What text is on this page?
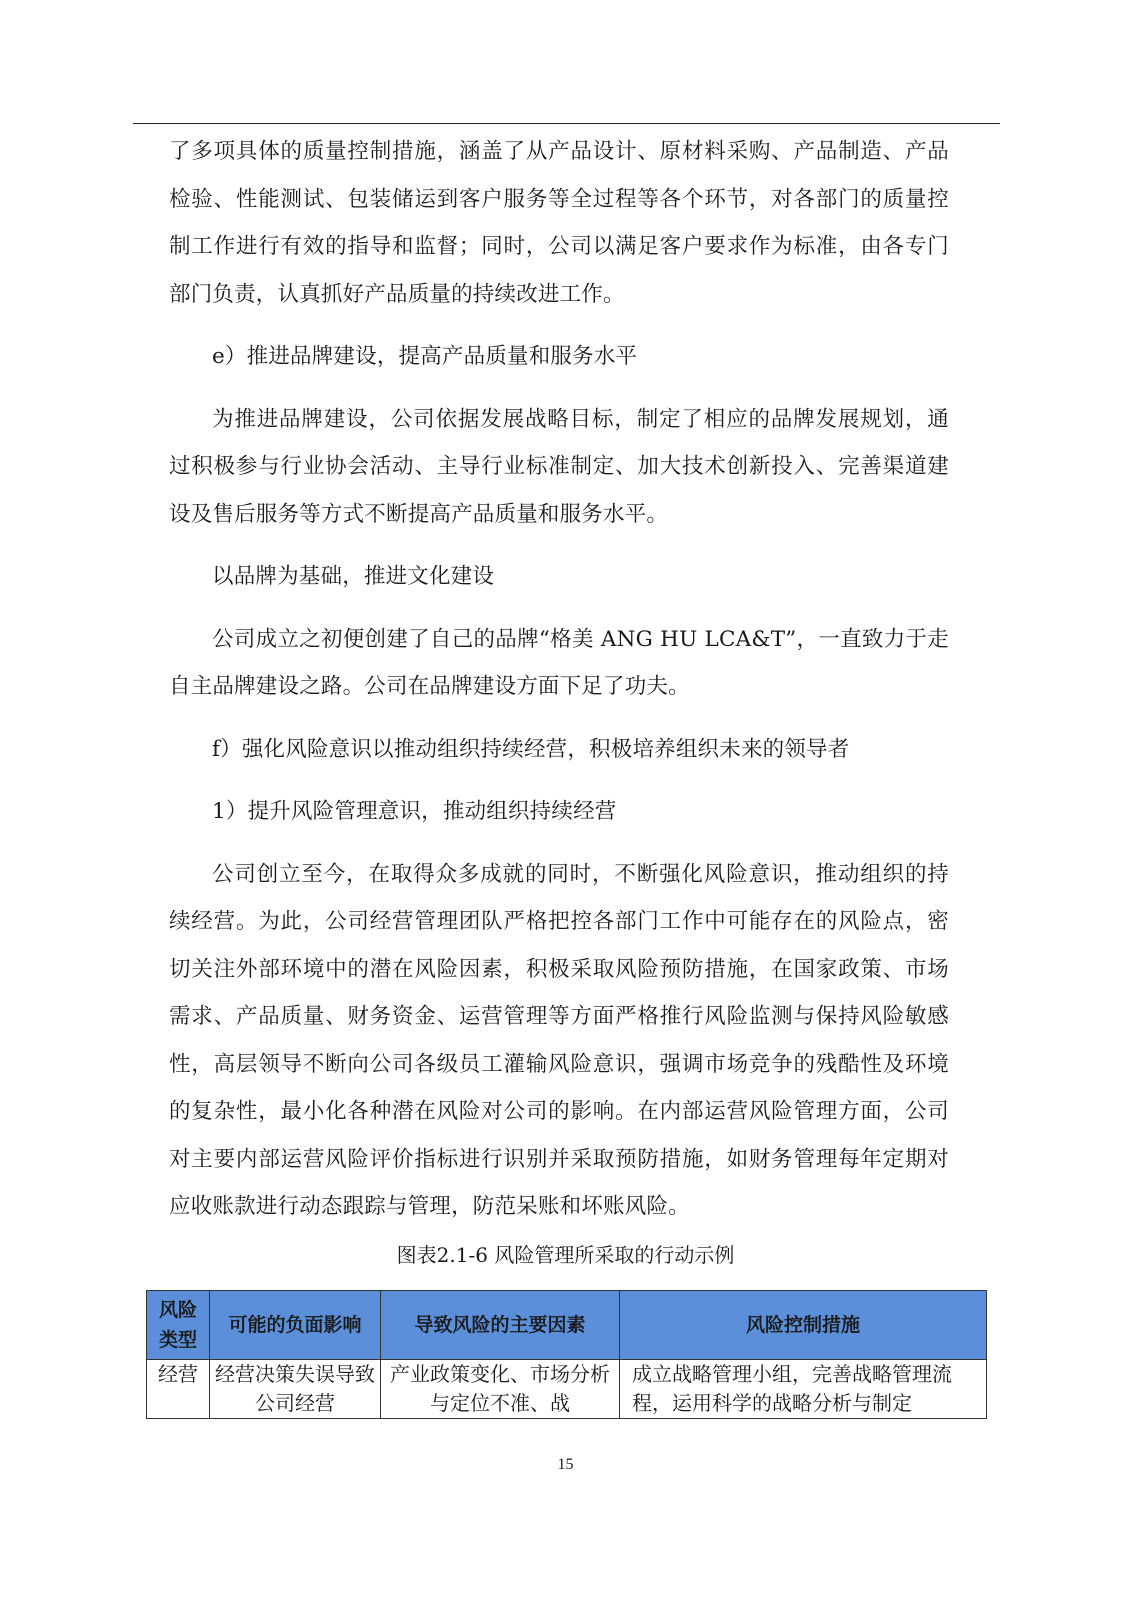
了多项具体的质量控制措施，涵盖了从产品设计、原材料采购、产品制造、产品检验、性能测试、包装储运到客户服务等全过程等各个环节，对各部门的质量控制工作进行有效的指导和监督；同时，公司以满足客户要求作为标准，由各专门部门负责，认真抓好产品质量的持续改进工作。

e）推进品牌建设，提高产品质量和服务水平

为推进品牌建设，公司依据发展战略目标，制定了相应的品牌发展规划，通过积极参与行业协会活动、主导行业标准制定、加大技术创新投入、完善渠道建设及售后服务等方式不断提高产品质量和服务水平。

以品牌为基础，推进文化建设

公司成立之初便创建了自己的品牌“格美 ANG HU LCA&T”，一直致力于走自主品牌建设之路。公司在品牌建设方面下足了功夫。

f）强化风险意识以推动组织持续经营，积极培养组织未来的领导者

1）提升风险管理意识，推动组织持续经营

公司创立至今，在取得众多成就的同时，不断强化风险意识，推动组织的持续经营。为此，公司经营管理团队严格把控各部门工作中可能存在的风险点，密切关注外部环境中的潜在风险因素，积极采取风险预防措施，在国家政策、市场需求、产品质量、财务资金、运营管理等方面严格推行风险监测与保持风险敏感性，高层领导不断向公司各级员工灌输风险意识，强调市场竞争的残酷性及环境的复杂性，最小化各种潜在风险对公司的影响。在内部运营风险管理方面，公司对主要内部运营风险评价指标进行识别并采取预防措施，如财务管理每年定期对应收账款进行动态跟踪与管理，防范呆账和坏账风险。

图表2.1-6 风险管理所采取的行动示例
风险类型	可能的负面影响	导致风险的主要因素	风险控制措施
经营	经营决策失误导致公司经营	产业政策变化、市场分析与定位不准、战	成立战略管理小组，完善战略管理流程，运用科学的战略分析与制定
15
